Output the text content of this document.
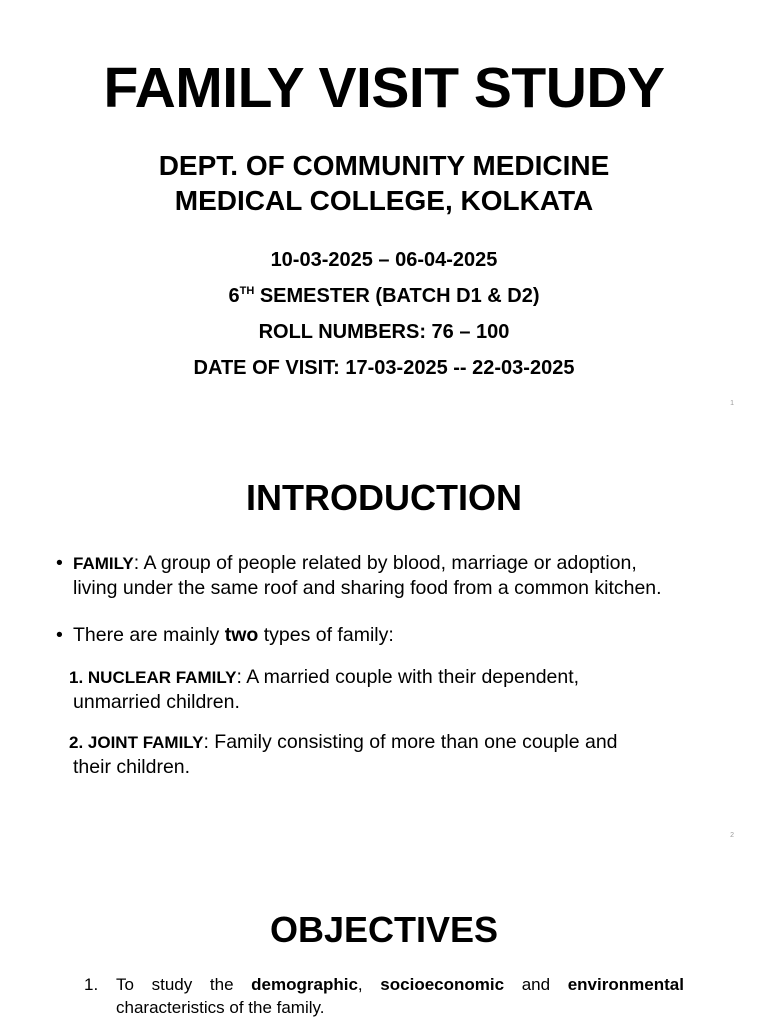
FAMILY VISIT STUDY
DEPT. OF COMMUNITY MEDICINE
MEDICAL COLLEGE, KOLKATA
10-03-2025 – 06-04-2025
6TH SEMESTER (BATCH D1 & D2)
ROLL NUMBERS: 76 – 100
DATE OF VISIT: 17-03-2025 -- 22-03-2025
1
INTRODUCTION
• FAMILY: A group of people related by blood, marriage or adoption,
living under the same roof and sharing food from a common kitchen.
• There are mainly two types of family:
1. NUCLEAR FAMILY: A married couple with their dependent,
unmarried children.
2. JOINT FAMILY: Family consisting of more than one couple and
their children.
2
OBJECTIVES
1. To study the demographic, socioeconomic and environmental
characteristics of the family.
